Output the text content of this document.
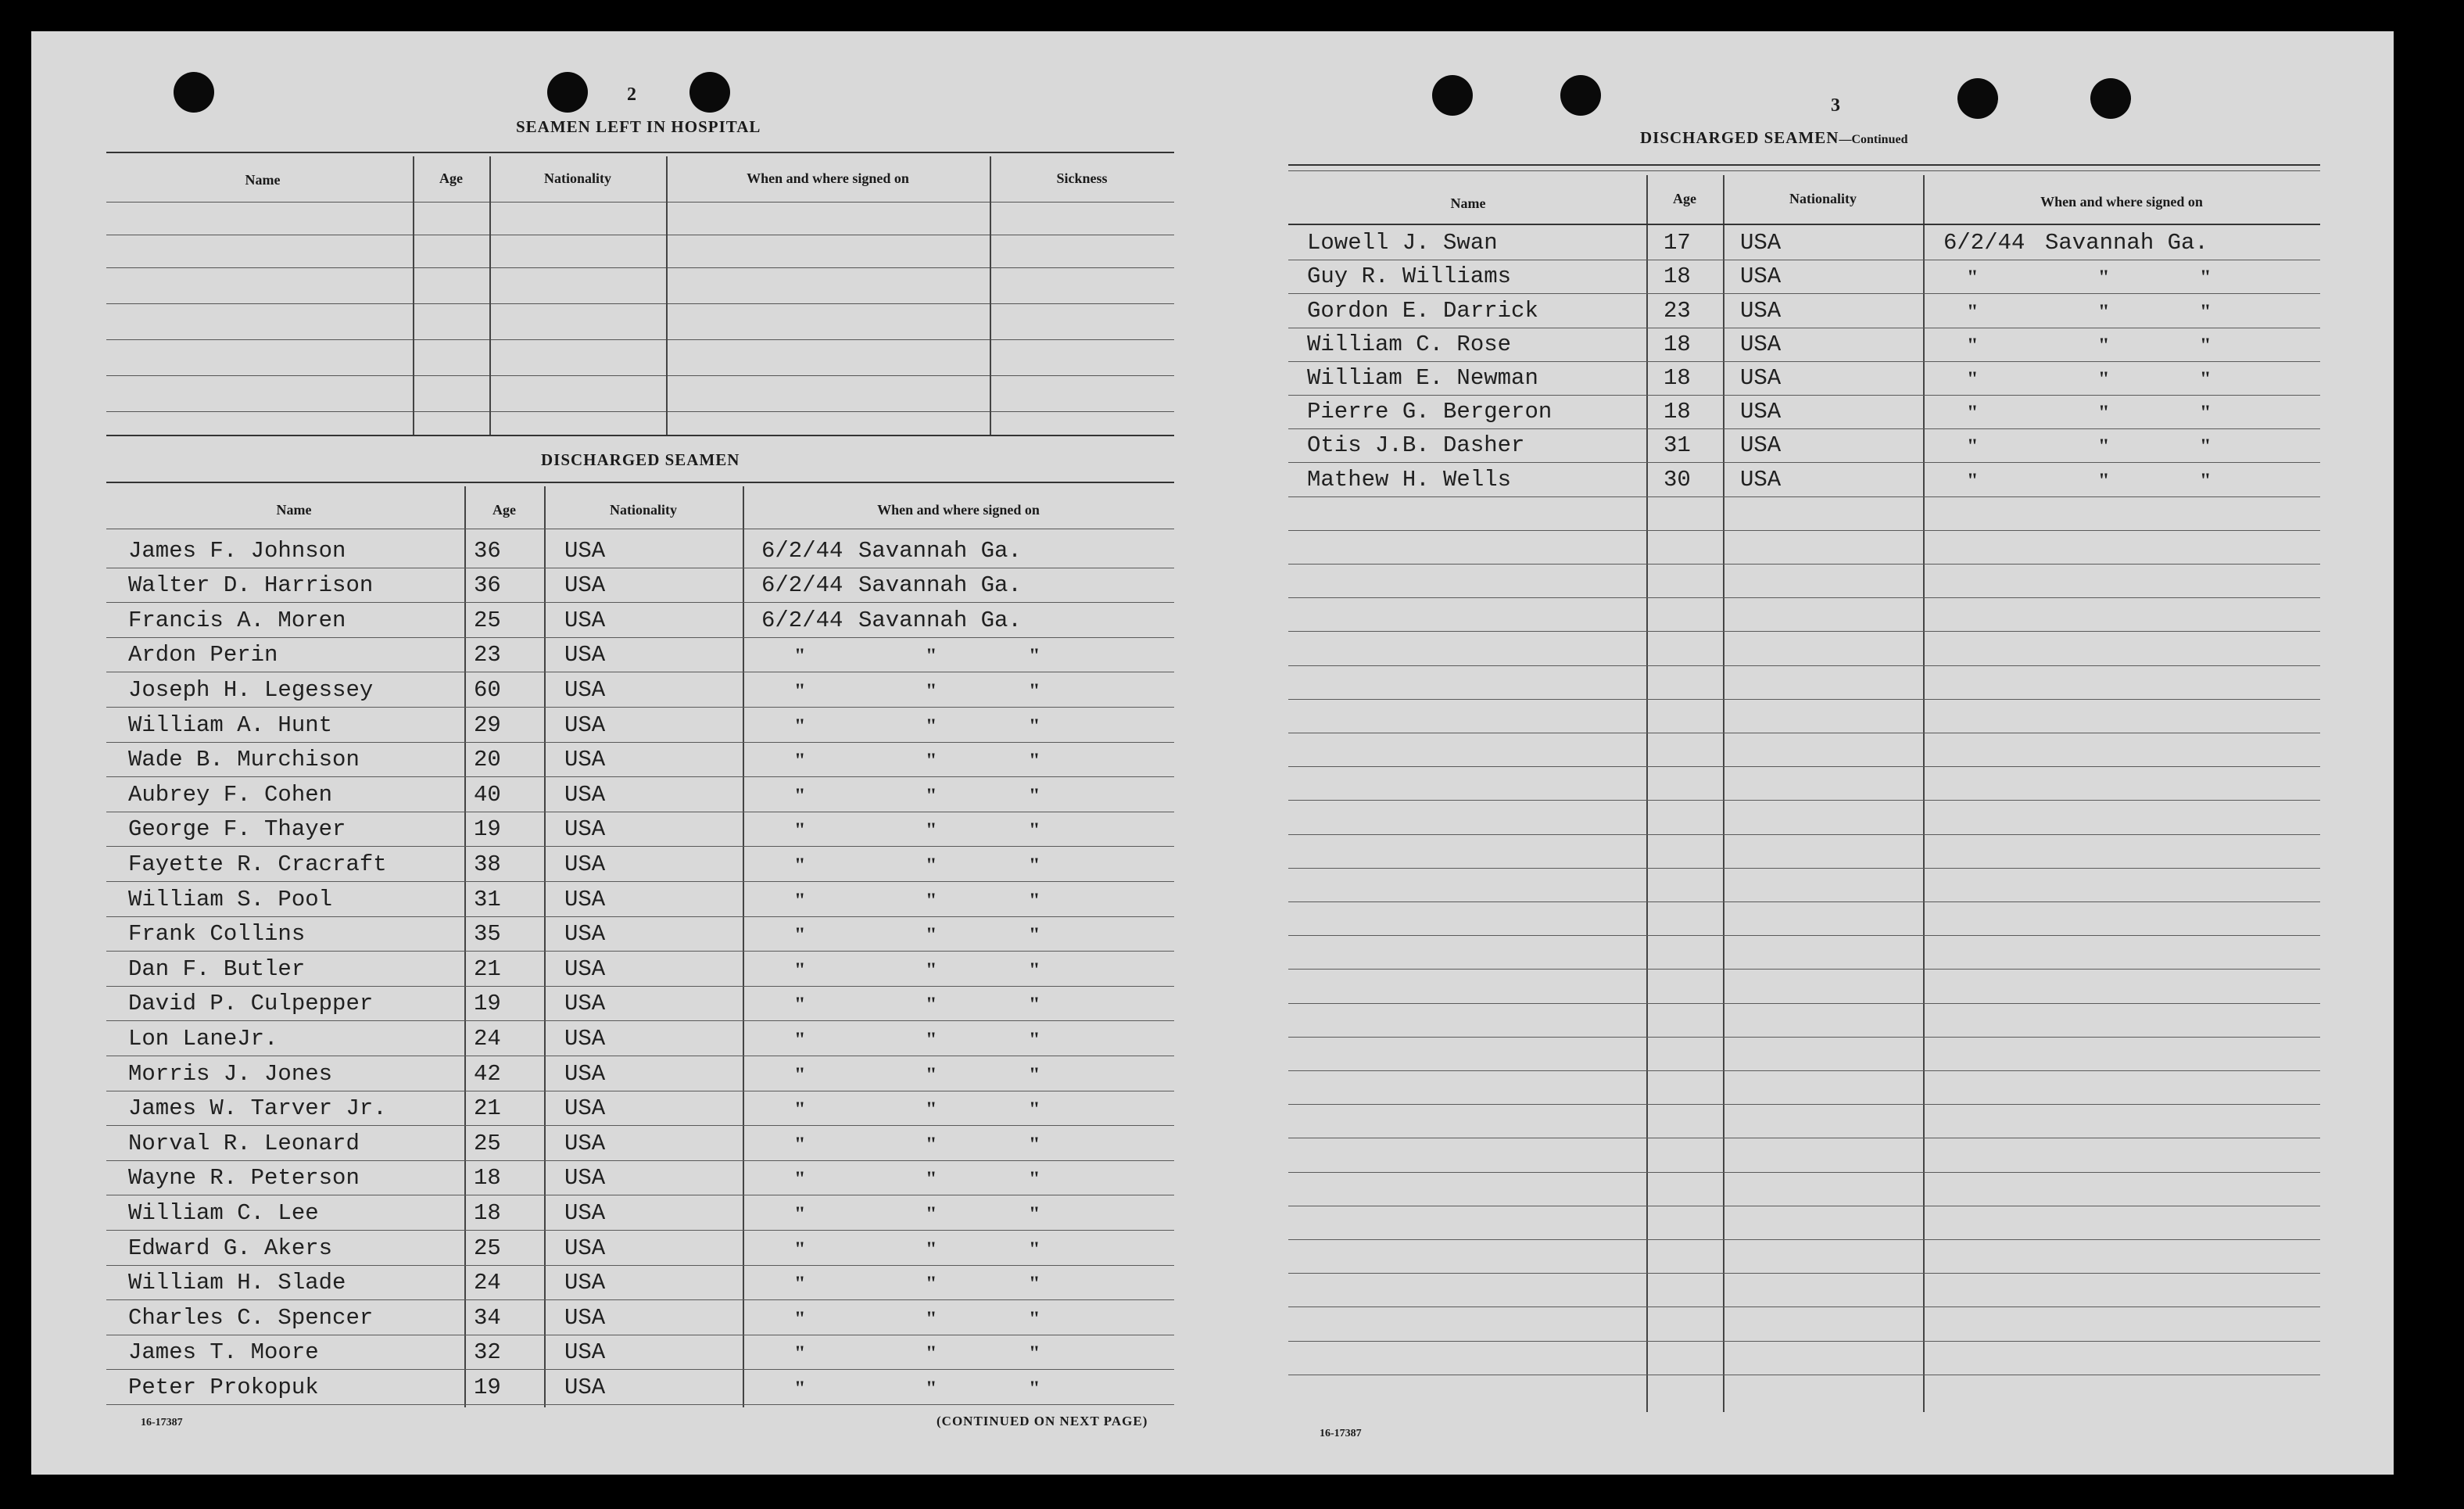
2
SEAMEN LEFT IN HOSPITAL
Name	Age	Nationality	When and where signed on	Sickness
DISCHARGED SEAMEN
Name	Age	Nationality	When and where signed on
James F. Johnson	36	USA	6/2/44 Savannah Ga.
Walter D. Harrison	36	USA	6/2/44 Savannah Ga.
Francis A. Moren	25	USA	6/2/44 Savannah Ga.
Ardon Perin	23	USA	"	"	"
Joseph H. Legessey	60	USA	"	"	"
William A. Hunt	29	USA	"	"	"
Wade B. Murchison	20	USA	"	"	"
Aubrey F. Cohen	40	USA	"	"	"
George F. Thayer	19	USA	"	"	"
Fayette R. Cracraft	38	USA	"	"	"
William S. Pool	31	USA	"	"	"
Frank Collins	35	USA	"	"	"
Dan F. Butler	21	USA	"	"	"
David P. Culpepper	19	USA	"	"	"
Lon LaneJr.	24	USA	"	"	"
Morris J. Jones	42	USA	"	"	"
James W. Tarver Jr.	21	USA	"	"	"
Norval R. Leonard	25	USA	"	"	"
Wayne R. Peterson	18	USA	"	"	"
William C. Lee	18	USA	"	"	"
Edward G. Akers	25	USA	"	"	"
William H. Slade	24	USA	"	"	"
Charles C. Spencer	34	USA	"	"	"
James T. Moore	32	USA	"	"	"
Peter Prokopuk	19	USA	"	"	"
16-17387	(CONTINUED ON NEXT PAGE)
3
DISCHARGED SEAMEN—Continued
Name	Age	Nationality	When and where signed on
Lowell J. Swan	17 USA	6/2/44 Savannah Ga.
Guy R. Williams	18 USA	"	"	"
Gordon E. Darrick	23 USA	"	"	"
William C. Rose	18 USA	"	"	"
William E. Newman	18 USA	"	"	"
Pierre G. Bergeron	18 USA	"	"	"
Otis J.B. Dasher	31 USA	"	"	"
Mathew H. Wells	30 USA	"	"	"
16-17387
